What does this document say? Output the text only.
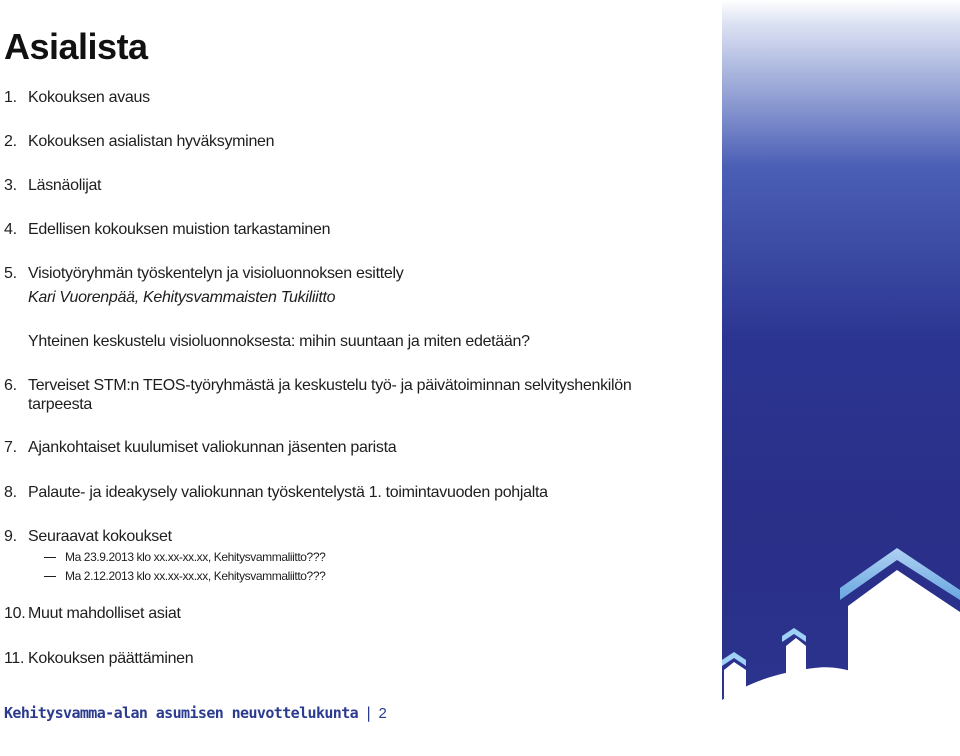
Asialista
1. Kokouksen avaus
2. Kokouksen asialistan hyväksyminen
3. Läsnäolijat
4. Edellisen kokouksen muistion tarkastaminen
5. Visiotyöryhmän työskentelyn ja visioluonnoksen esittely
Kari Vuorenpää, Kehitysvammaisten Tukiliitto
Yhteinen keskustelu visioluonnoksesta: mihin suuntaan ja miten edetään?
6. Terveiset STM:n TEOS-työryhmästä ja keskustelu työ- ja päivätoiminnan selvityshenkilön
tarpeesta
7. Ajankohtaiset kuulumiset valiokunnan jäsenten parista
8. Palaute- ja ideakysely valiokunnan työskentelystä 1. toimintavuoden pohjalta
9. Seuraavat kokoukset
Ma 23.9.2013 klo xx.xx-xx.xx, Kehitysvammaliitto???
Ma 2.12.2013 klo xx.xx-xx.xx, Kehitysvammaliitto???
10. Muut mahdolliset asiat
11. Kokouksen päättäminen
Kehitysvamma-alan asumisen neuvottelukunta | 2
